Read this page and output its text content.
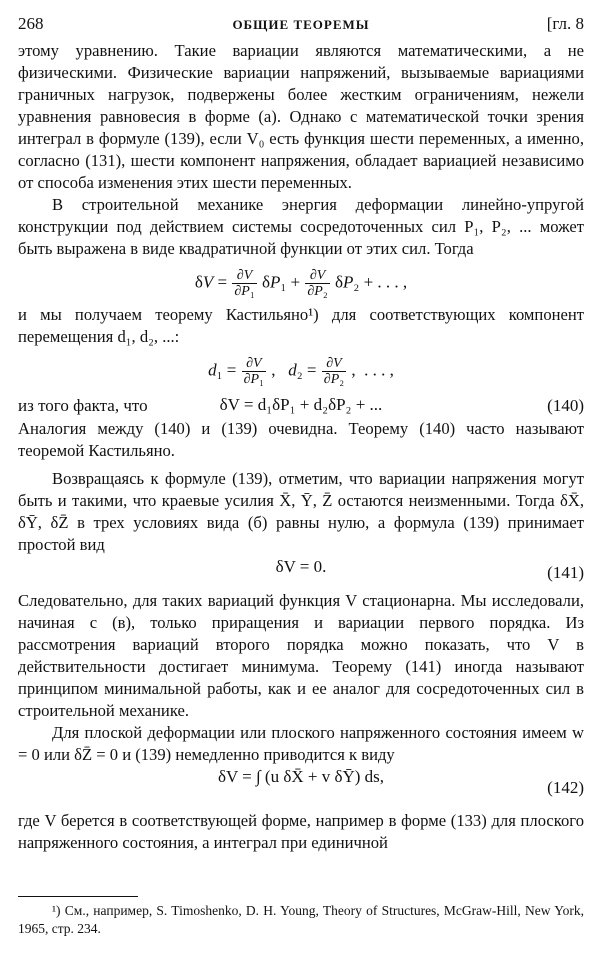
268	ОБЩИЕ ТЕОРЕМЫ	[гл. 8

этому уравнению. Такие вариации являются математическими, а не физическими. Физические вариации напряжений, вызываемые вариациями граничных нагрузок, подвержены более жестким ограничениям, нежели уравнения равновесия в форме (а). Однако с математической точки зрения интеграл в формуле (139), если V₀ есть функция шести переменных, а именно, согласно (131), шести компонент напряжения, обладает вариацией независимо от способа изменения этих шести переменных.

В строительной механике энергия деформации линейно-упругой конструкции под действием системы сосредоточенных сил P₁, P₂, ... может быть выражена в виде квадратичной функции от этих сил. Тогда

$\delta V = \frac{\partial V}{\text{∂P₁}} \delta P_1 + \frac{\partial V}{\text{∂P₂}} \delta P_2$ + . . . ,

и мы получаем теорему Кастильяно¹) для соответствующих компонент перемещения d₁, d₂, ...:

$d_1 = \frac{\partial V}{\text{∂P₁}}$ ,   $d_2 = \frac{\partial V}{\text{∂P₂}}$ ,  . . . ,
из того факта, что	δV = d₁δP₁ + d₂δP₂ + ...	(140)

Аналогия между (140) и (139) очевидна. Теорему (140) часто называют теоремой Кастильяно.

Возвращаясь к формуле (139), отметим, что вариации напряжения могут быть и такими, что краевые усилия X̄, Ȳ, Z̄ остаются неизменными. Тогда δX̄, δȲ, δZ̄ в трех условиях вида (б) равны нулю, а формула (139) принимает простой вид

δV = 0.	(141)

Следовательно, для таких вариаций функция V стационарна. Мы исследовали, начиная с (в), только приращения и вариации первого порядка. Из рассмотрения вариаций второго порядка можно показать, что V в действительности достигает минимума. Теорему (141) иногда называют принципом минимальной работы, как и ее аналог для сосредоточенных сил в строительной механике.

Для плоской деформации или плоского напряженного состояния имеем w = 0 или δZ̄ = 0 и (139) немедленно приводится к виду

δV = ∫ (u δX̄ + v δȲ) ds,
(142)

где V берется в соответствующей форме, например в форме (133) для плоского напряженного состояния, а интеграл при единичной

¹) См., например, S. Timoshenko, D. H. Young, Theory of Structures, McGraw-Hill, New York, 1965, стр. 234.
